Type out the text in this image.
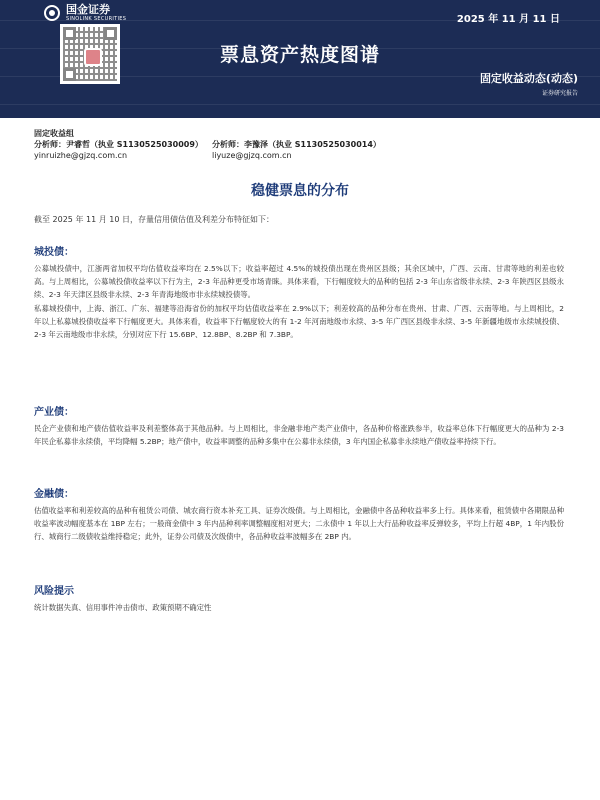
国金证券
SINOLINK SECURITIES	2025 年 11 月 11 日
票息资产热度图谱
固定收益动态(动态)
证券研究报告
固定收益组
分析师：尹睿哲（执业 S1130525030009）
yinruizhe@gjzq.com.cn
分析师：李豫泽（执业 S1130525030014）
liyuze@gjzq.com.cn
稳健票息的分布
截至 2025 年 11 月 10 日，存量信用债估值及利差分布特征如下：
城投债：

公募城投债中，江浙两省加权平均估值收益率均在 2.5%以下；收益率超过 4.5%的城投债出现在贵州区县级；其余区域中，广西、云南、甘肃等地的利差也较高。与上周相比，公募城投债收益率以下行为主，2-3 年品种更受市场青睐。具体来看，下行幅度较大的品种的包括 2-3 年山东省级非永续、2-3 年陕西区县级永续、2-3 年天津区县级非永续、2-3 年青海地级市非永续城投债等。

私募城投债中，上海、浙江、广东、福建等沿海省份的加权平均估值收益率在 2.9%以下；利差较高的品种分布在贵州、甘肃、广西、云南等地。与上周相比，2 年以上私募城投债收益率下行幅度更大。具体来看，收益率下行幅度较大的有 1-2 年河南地级市永续、3-5 年广西区县级非永续、3-5 年新疆地级市永续城投债、2-3 年云南地级市非永续，分别对应下行 15.6BP、12.8BP、8.2BP 和 7.3BP。

产业债：

民企产业债和地产债估值收益率及利差整体高于其他品种。与上周相比，非金融非地产类产业债中，各品种价格涨跌参半，收益率总体下行幅度更大的品种为 2-3 年民企私募非永续债，平均降幅 5.2BP；地产债中，收益率调整的品种多集中在公募非永续债，3 年内国企私募非永续地产债收益率持续下行。

金融债：

估值收益率和利差较高的品种有租赁公司债、城农商行资本补充工具、证券次级债。与上周相比，金融债中各品种收益率多上行。具体来看，租赁债中各期限品种收益率波动幅度基本在 1BP 左右；一般商金债中 3 年内品种利率调整幅度相对更大；二永债中 1 年以上大行品种收益率反弹较多，平均上行超 4BP，1 年内股份行、城商行二级债收益维持稳定；此外，证券公司债及次级债中，各品种收益率波幅多在 2BP 内。

风险提示

统计数据失真、信用事件冲击债市、政策预期不确定性
